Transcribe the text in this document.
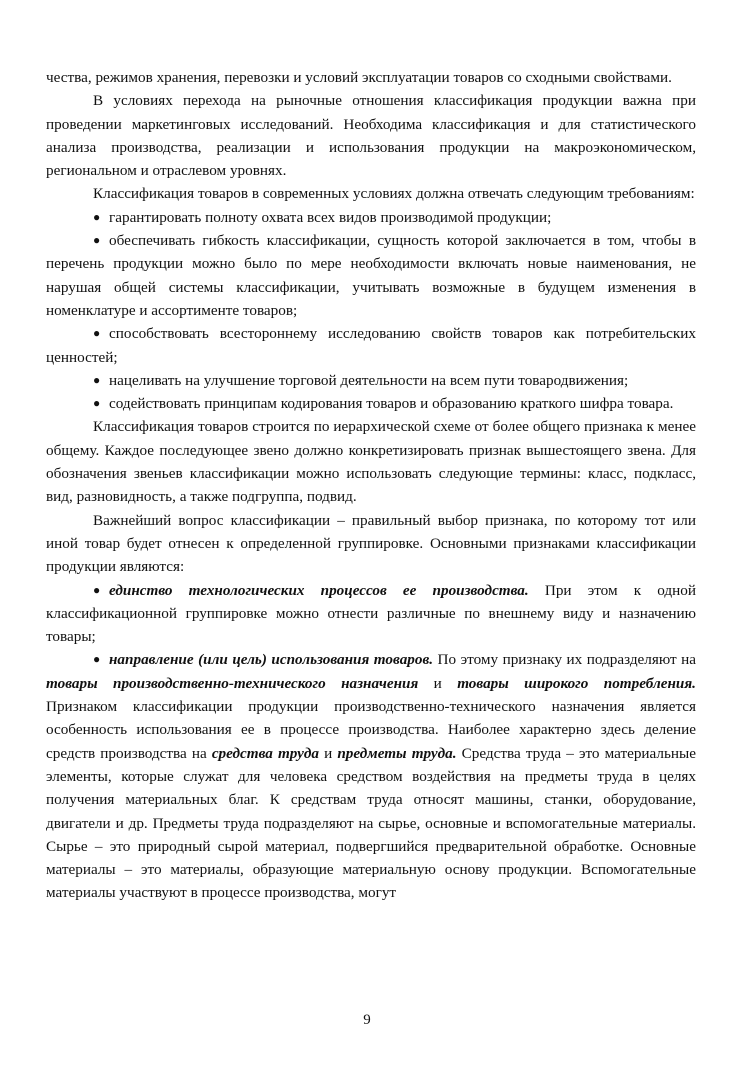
чества, режимов хранения, перевозки и условий эксплуатации товаров со сходными свойствами.

В условиях перехода на рыночные отношения классификация продукции важна при проведении маркетинговых исследований. Необходима классификация и для статистического анализа производства, реализации и использования продукции на макроэкономическом, региональном и отраслевом уровнях.

Классификация товаров в современных условиях должна отвечать следующим требованиям:

● гарантировать полноту охвата всех видов производимой продукции;

● обеспечивать гибкость классификации, сущность которой заключается в том, чтобы в перечень продукции можно было по мере необходимости включать новые наименования, не нарушая общей системы классификации, учитывать возможные в будущем изменения в номенклатуре и ассортименте товаров;

● способствовать всестороннему исследованию свойств товаров как потребительских ценностей;

● нацеливать на улучшение торговой деятельности на всем пути товародвижения;

● содействовать принципам кодирования товаров и образованию краткого шифра товара.

Классификация товаров строится по иерархической схеме от более общего признака к менее общему. Каждое последующее звено должно конкретизировать признак вышестоящего звена. Для обозначения звеньев классификации можно использовать следующие термины: класс, подкласс, вид, разновидность, а также подгруппа, подвид.

Важнейший вопрос классификации – правильный выбор признака, по которому тот или иной товар будет отнесен к определенной группировке. Основными признаками классификации продукции являются:

● единство технологических процессов ее производства. При этом к одной классификационной группировке можно отнести различные по внешнему виду и назначению товары;

● направление (или цель) использования товаров. По этому признаку их подразделяют на товары производственно-технического назначения и товары широкого потребления. Признаком классификации продукции производственно-технического назначения является особенность использования ее в процессе производства. Наиболее характерно здесь деление средств производства на средства труда и предметы труда. Средства труда – это материальные элементы, которые служат для человека средством воздействия на предметы труда в целях получения материальных благ. К средствам труда относят машины, станки, оборудование, двигатели и др. Предметы труда подразделяют на сырье, основные и вспомогательные материалы. Сырье – это природный сырой материал, подвергшийся предварительной обработке. Основные материалы – это материалы, образующие материальную основу продукции. Вспомогательные материалы участвуют в процессе производства, могут

9
